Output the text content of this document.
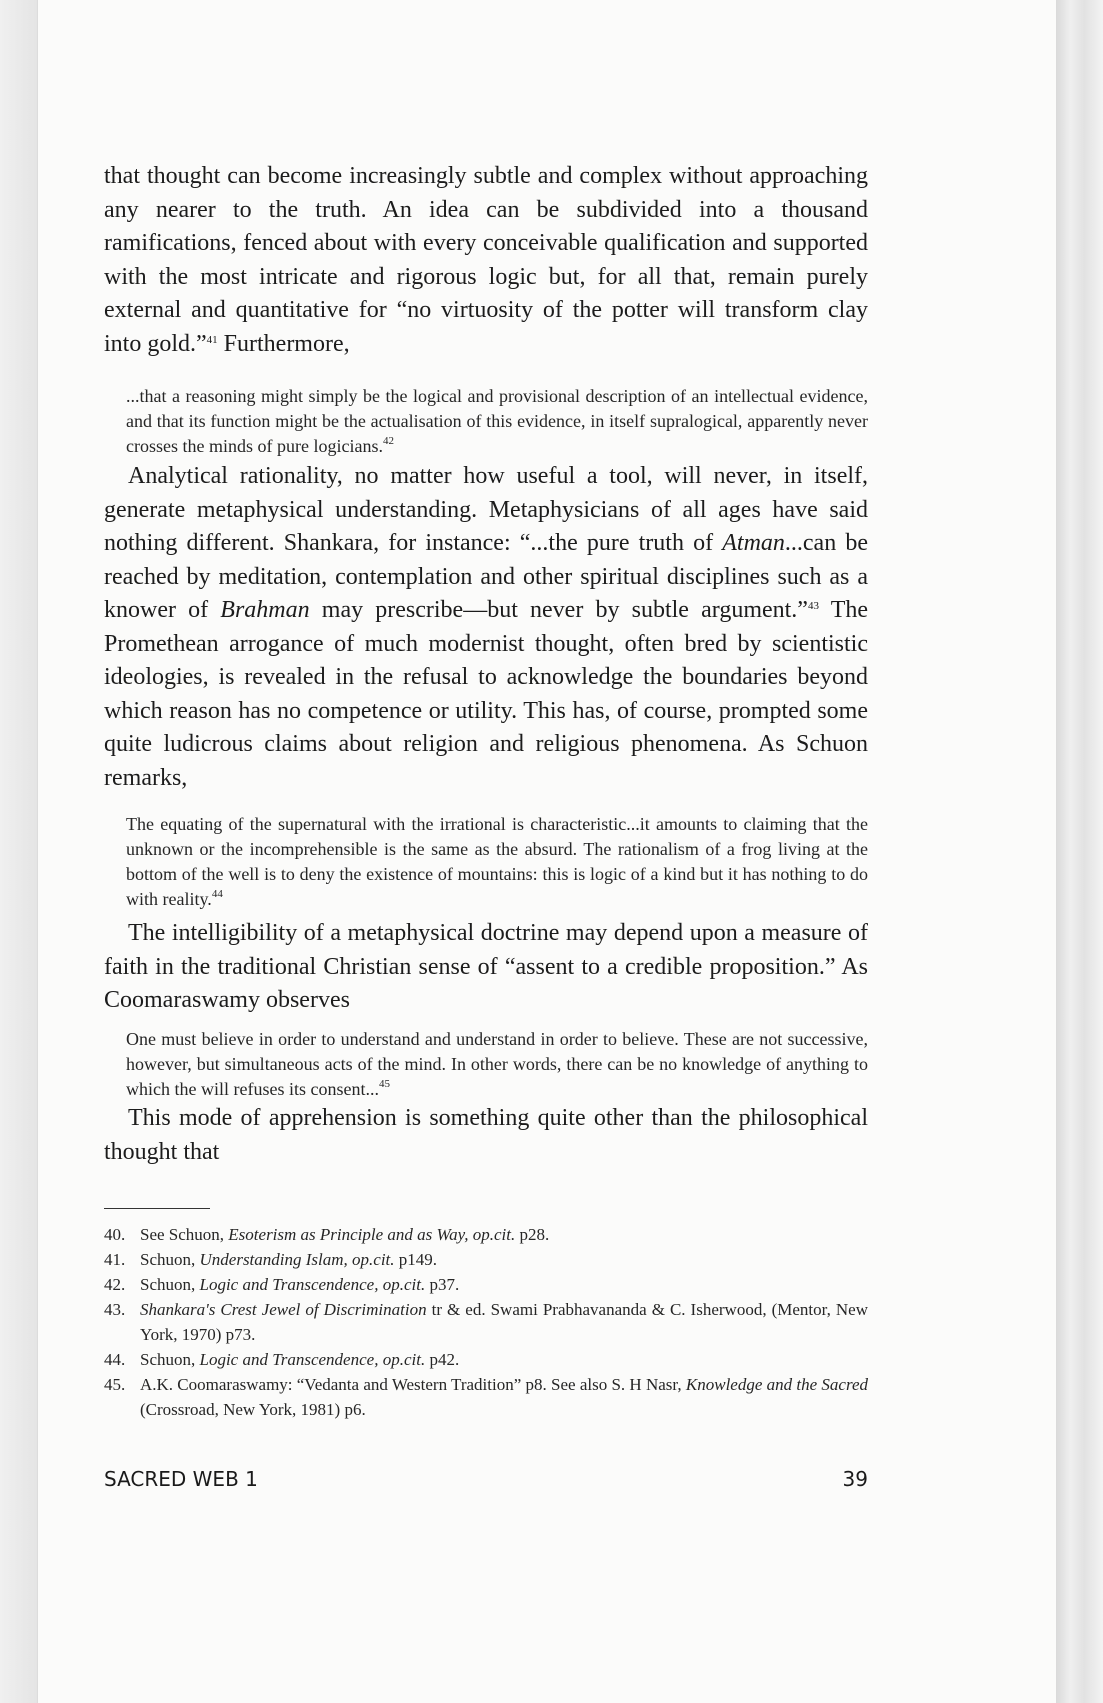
that thought can become increasingly subtle and complex without approaching any nearer to the truth. An idea can be subdivided into a thousand ramifications, fenced about with every conceivable qualification and supported with the most intricate and rigorous logic but, for all that, remain purely external and quantitative for “no virtuosity of the potter will transform clay into gold.”$^{41}$ Furthermore,

...that a reasoning might simply be the logical and provisional description of an intellectual evidence, and that its function might be the actualisation of this evidence, in itself supralogical, apparently never crosses the minds of pure logicians.$^{42}$

Analytical rationality, no matter how useful a tool, will never, in itself, generate metaphysical understanding. Metaphysicians of all ages have said nothing different. Shankara, for instance: “...the pure truth of Atman...can be reached by meditation, contemplation and other spiritual disciplines such as a knower of Brahman may prescribe—but never by subtle argument.”$^{43}$ The Promethean arrogance of much modernist thought, often bred by scientistic ideologies, is revealed in the refusal to acknowledge the boundaries beyond which reason has no competence or utility. This has, of course, prompted some quite ludicrous claims about religion and religious phenomena. As Schuon remarks,

The equating of the supernatural with the irrational is characteristic...it amounts to claiming that the unknown or the incomprehensible is the same as the absurd. The rationalism of a frog living at the bottom of the well is to deny the existence of mountains: this is logic of a kind but it has nothing to do with reality.$^{44}$

The intelligibility of a metaphysical doctrine may depend upon a measure of faith in the traditional Christian sense of “assent to a credible proposition.” As Coomaraswamy observes

One must believe in order to understand and understand in order to believe. These are not successive, however, but simultaneous acts of the mind. In other words, there can be no knowledge of anything to which the will refuses its consent...$^{45}$

This mode of apprehension is something quite other than the philosophical thought that

40. See Schuon, Esoterism as Principle and as Way, op.cit. p28.
41. Schuon, Understanding Islam, op.cit. p149.
42. Schuon, Logic and Transcendence, op.cit. p37.
43. Shankara's Crest Jewel of Discrimination tr & ed. Swami Prabhavananda & C. Isherwood, (Mentor, New York, 1970) p73.
44. Schuon, Logic and Transcendence, op.cit. p42.
45. A.K. Coomaraswamy: “Vedanta and Western Tradition” p8. See also S. H Nasr, Knowledge and the Sacred (Crossroad, New York, 1981) p6.
SACRED WEB 1	39
